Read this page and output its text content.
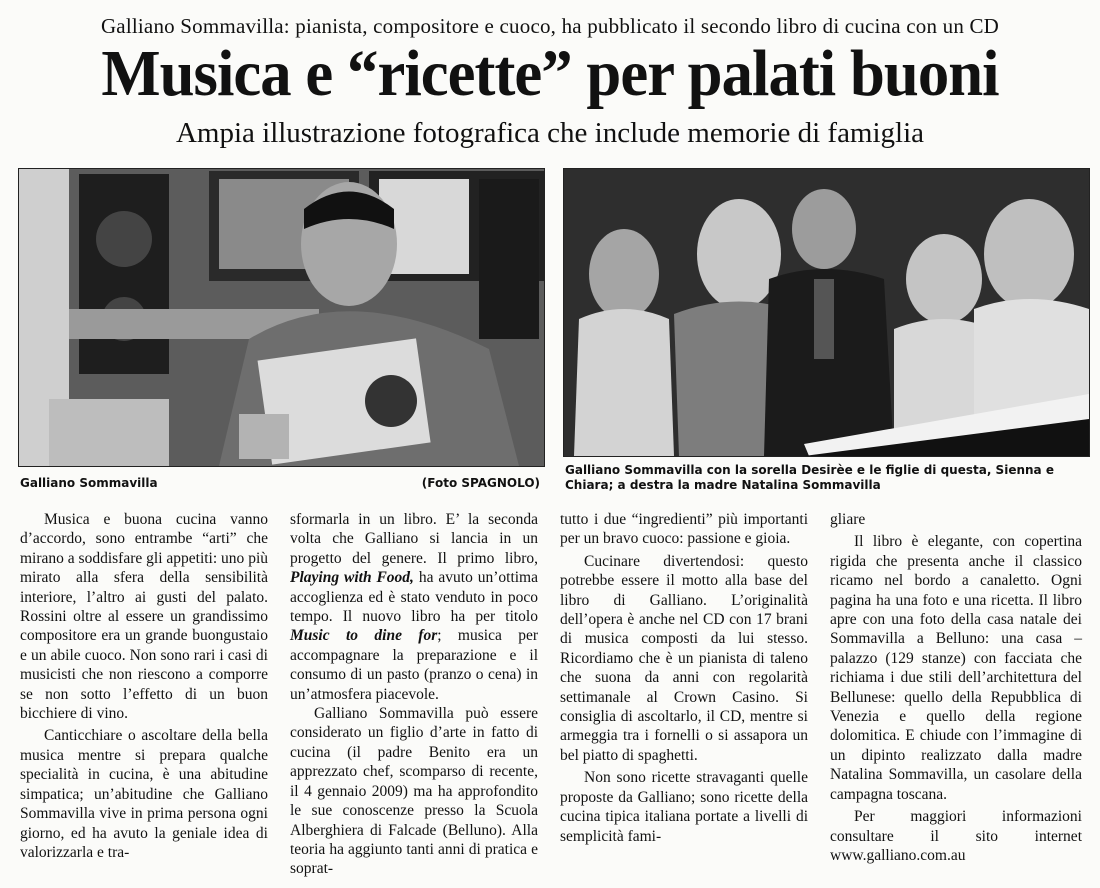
Galliano Sommavilla: pianista, compositore e cuoco, ha pubblicato il secondo libro di cucina con un CD
Musica e “ricette” per palati buoni
Ampia illustrazione fotografica che include memorie di famiglia
Galliano Sommavilla	(Foto SPAGNOLO)
Galliano Sommavilla con la sorella Desirèe e le figlie di questa, Sienna e Chiara; a destra la madre Natalina Sommavilla

Musica e buona cucina vanno d’accordo, sono entrambe “arti” che mirano a soddisfare gli appetiti: uno più mirato alla sfera della sensibilità interiore, l’altro ai gusti del palato. Rossini oltre al essere un grandissimo compositore era un grande buongustaio e un abile cuoco. Non sono rari i casi di musicisti che non riescono a comporre se non sotto l’effetto di un buon bicchiere di vino.

Canticchiare o ascoltare della bella musica mentre si prepara qualche specialità in cucina, è una abitudine simpatica; un’abitudine che Galliano Sommavilla vive in prima persona ogni giorno, ed ha avuto la geniale idea di valorizzarla e tra-

sformarla in un libro. E’ la seconda volta che Galliano si lancia in un progetto del genere. Il primo libro, Playing with Food, ha avuto un’ottima accoglienza ed è stato venduto in poco tempo. Il nuovo libro ha per titolo Music to dine for; musica per accompagnare la preparazione e il consumo di un pasto (pranzo o cena) in un’atmosfera piacevole.

Galliano Sommavilla può essere considerato un figlio d’arte in fatto di cucina (il padre Benito era un apprezzato chef, scomparso di recente, il 4 gennaio 2009) ma ha approfondito le sue conoscenze presso la Scuola Alberghiera di Falcade (Belluno). Alla teoria ha aggiunto tanti anni di pratica e soprat-

tutto i due “ingredienti” più importanti per un bravo cuoco: passione e gioia.

Cucinare divertendosi: questo potrebbe essere il motto alla base del libro di Galliano. L’originalità dell’opera è anche nel CD con 17 brani di musica composti da lui stesso. Ricordiamo che è un pianista di taleno che suona da anni con regolarità settimanale al Crown Casino. Si consiglia di ascoltarlo, il CD, mentre si armeggia tra i fornelli o si assapora un bel piatto di spaghetti.

Non sono ricette stravaganti quelle proposte da Galliano; sono ricette della cucina tipica italiana portate a livelli di semplicità fami-

gliare

Il libro è elegante, con copertina rigida che presenta anche il classico ricamo nel bordo a canaletto. Ogni pagina ha una foto e una ricetta. Il libro apre con una foto della casa natale dei Sommavilla a Belluno: una casa – palazzo (129 stanze) con facciata che richiama i due stili dell’architettura del Bellunese: quello della Repubblica di Venezia e quello della regione dolomitica. E chiude con l’immagine di un dipinto realizzato dalla madre Natalina Sommavilla, un casolare della campagna toscana.

Per maggiori informazioni consultare il sito internet www.galliano.com.au
